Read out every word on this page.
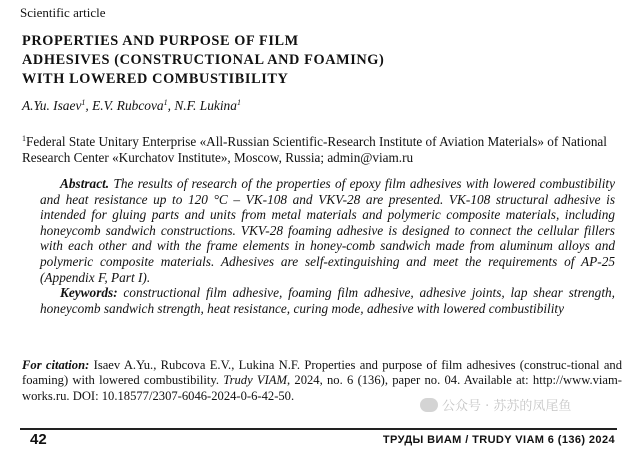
Scientific article
PROPERTIES AND PURPOSE OF FILM
ADHESIVES (CONSTRUCTIONAL AND FOAMING)
WITH LOWERED COMBUSTIBILITY
A.Yu. Isaev$^1$, E.V. Rubcova$^1$, N.F. Lukina$^1$
$^1$Federal State Unitary Enterprise «All-Russian Scientific-Research Institute of Aviation Materials» of National Research Center «Kurchatov Institute», Moscow, Russia; admin@viam.ru

Abstract. The results of research of the properties of epoxy film adhesives with lowered combustibility and heat resistance up to 120 °C – VK-108 and VKV-28 are presented. VK-108 structural adhesive is intended for gluing parts and units from metal materials and polymeric composite materials, including honeycomb sandwich constructions. VKV-28 foaming adhesive is designed to connect the cellular fillers with each other and with the frame elements in honey-comb sandwich made from aluminum alloys and polymeric composite materials. Adhesives are self-extinguishing and meet the requirements of AP-25 (Appendix F, Part I).

Keywords: constructional film adhesive, foaming film adhesive, adhesive joints, lap shear strength, honeycomb sandwich strength, heat resistance, curing mode, adhesive with lowered combustibility

For citation: Isaev A.Yu., Rubcova E.V., Lukina N.F. Properties and purpose of film adhesives (construc-tional and foaming) with lowered combustibility. Trudy VIAM, 2024, no. 6 (136), paper no. 04. Available at: http://www.viam-works.ru. DOI: 10.18577/2307-6046-2024-0-6-42-50.
公众号 · 苏苏的凤尾鱼
42	ТРУДЫ ВИАМ / TRUDY VIAM 6 (136) 2024
